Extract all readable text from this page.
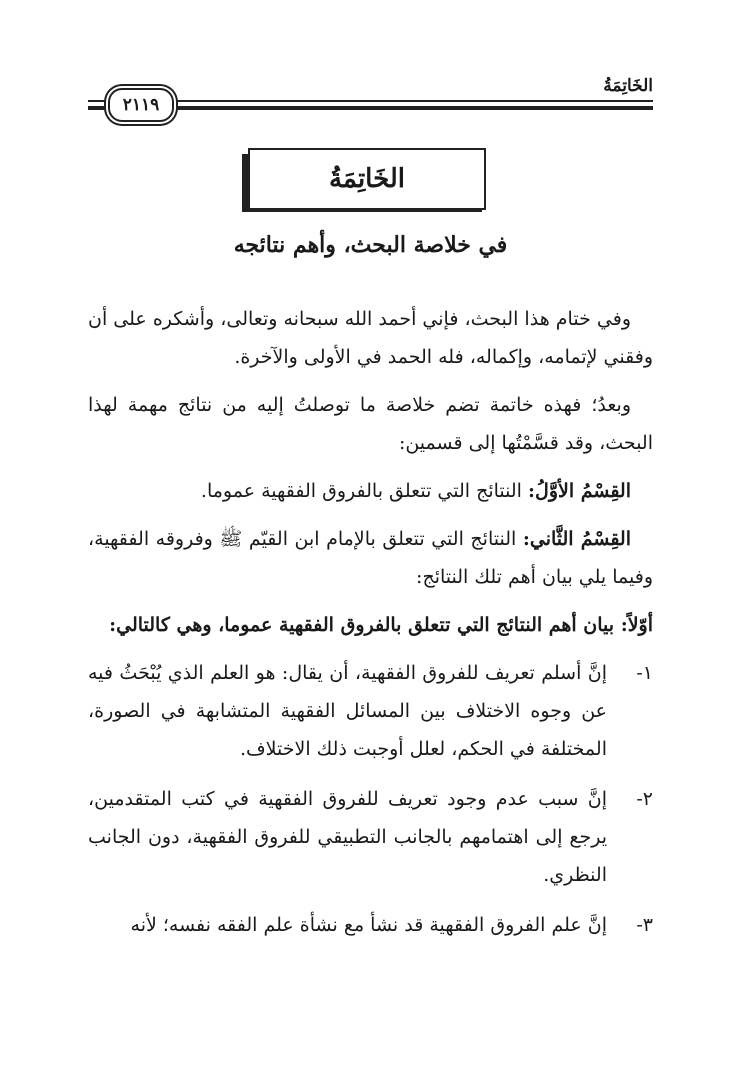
الخَاتِمَةُ
٢١١٩
الخَاتِمَةُ
في خلاصة البحث، وأهم نتائجه

وفي ختام هذا البحث، فإني أحمد الله سبحانه وتعالى، وأشكره على أن وفقني لإتمامه، وإكماله، فله الحمد في الأولى والآخرة.

وبعدُ؛ فهذه خاتمة تضم خلاصة ما توصلتُ إليه من نتائج مهمة لهذا البحث، وقد قسَّمْتُها إلى قسمين:

القِسْمُ الأوَّلُ: النتائج التي تتعلق بالفروق الفقهية عموما.

القِسْمُ الثَّاني: النتائج التي تتعلق بالإمام ابن القيّم ﷺ وفروقه الفقهية، وفيما يلي بيان أهم تلك النتائج:

أوّلاً: بيان أهم النتائج التي تتعلق بالفروق الفقهية عموما، وهي كالتالي:

١-
إنَّ أسلم تعريف للفروق الفقهية، أن يقال: هو العلم الذي يُبْحَثُ فيه عن وجوه الاختلاف بين المسائل الفقهية المتشابهة في الصورة، المختلفة في الحكم، لعلل أوجبت ذلك الاختلاف.
٢-
إنَّ سبب عدم وجود تعريف للفروق الفقهية في كتب المتقدمين، يرجع إلى اهتمامهم بالجانب التطبيقي للفروق الفقهية، دون الجانب النظري.
٣-
إنَّ علم الفروق الفقهية قد نشأ مع نشأة علم الفقه نفسه؛ لأنه
